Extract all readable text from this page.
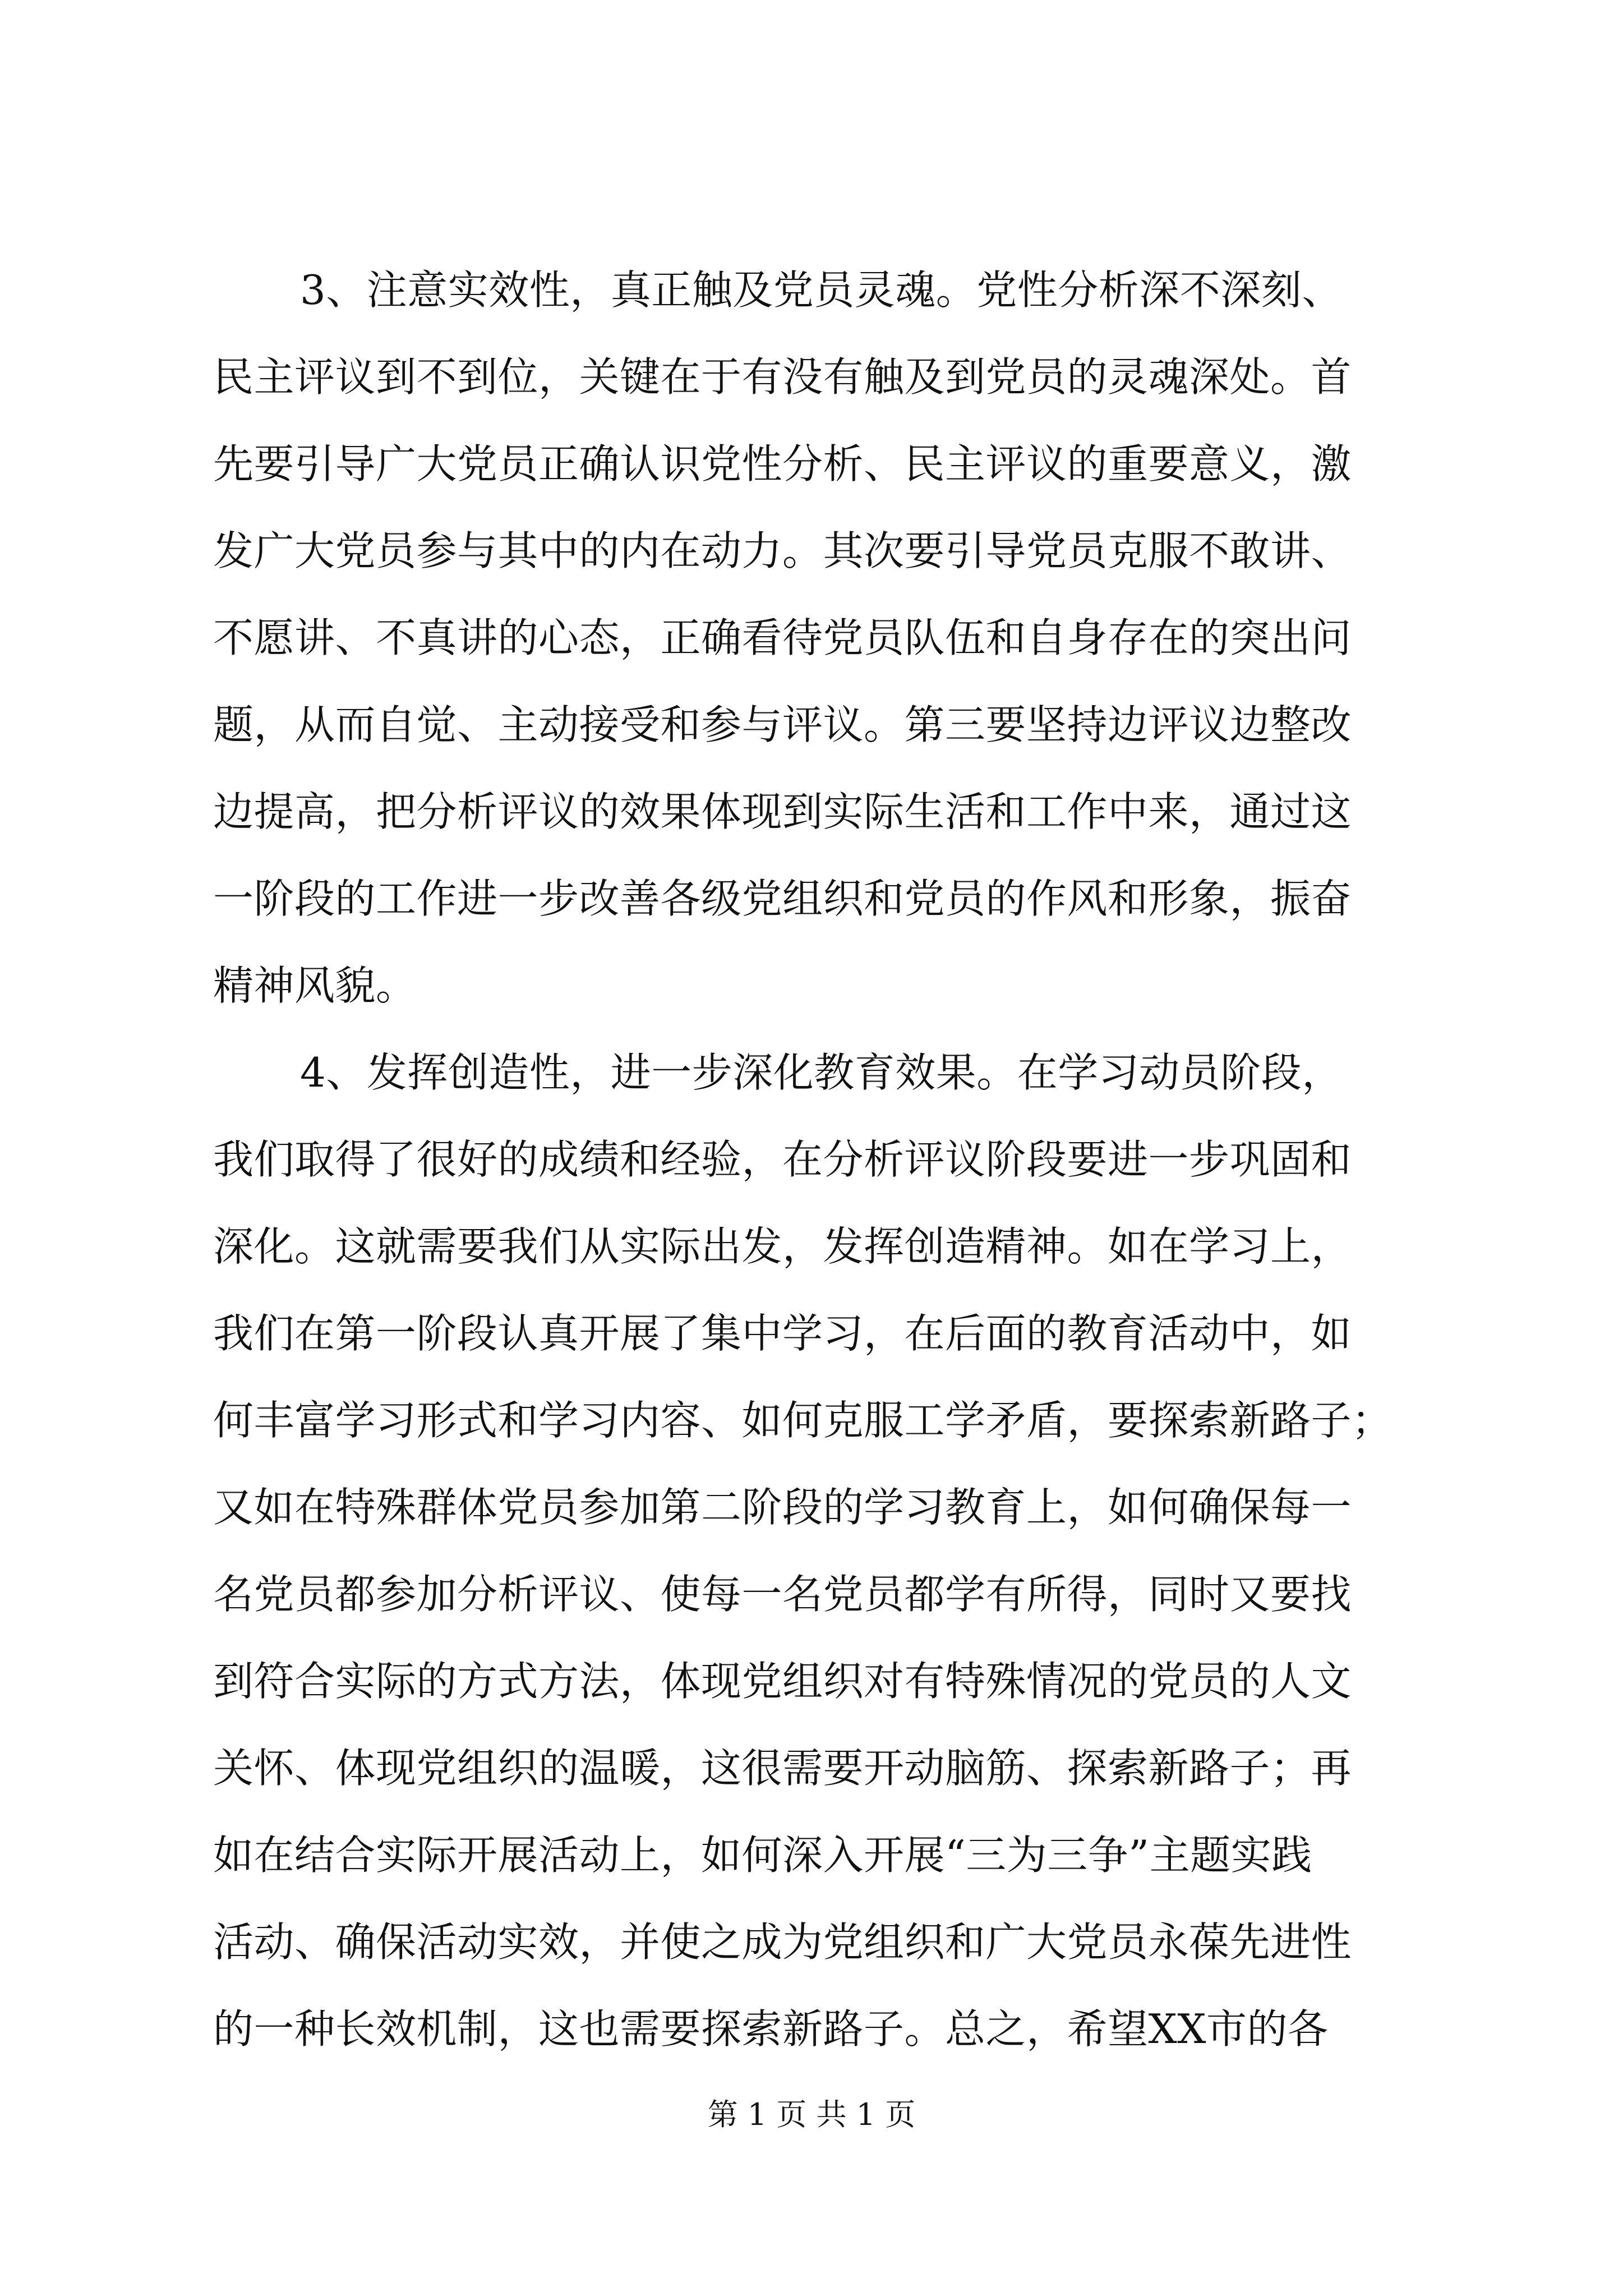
3、注意实效性，真正触及党员灵魂。党性分析深不深刻、
民主评议到不到位，关键在于有没有触及到党员的灵魂深处。首
先要引导广大党员正确认识党性分析、民主评议的重要意义，激
发广大党员参与其中的内在动力。其次要引导党员克服不敢讲、
不愿讲、不真讲的心态，正确看待党员队伍和自身存在的突出问
题，从而自觉、主动接受和参与评议。第三要坚持边评议边整改
边提高，把分析评议的效果体现到实际生活和工作中来，通过这
一阶段的工作进一步改善各级党组织和党员的作风和形象，振奋
精神风貌。
4、发挥创造性，进一步深化教育效果。在学习动员阶段，
我们取得了很好的成绩和经验，在分析评议阶段要进一步巩固和
深化。这就需要我们从实际出发，发挥创造精神。如在学习上，
我们在第一阶段认真开展了集中学习，在后面的教育活动中，如
何丰富学习形式和学习内容、如何克服工学矛盾，要探索新路子；
又如在特殊群体党员参加第二阶段的学习教育上，如何确保每一
名党员都参加分析评议、使每一名党员都学有所得，同时又要找
到符合实际的方式方法，体现党组织对有特殊情况的党员的人文
关怀、体现党组织的温暖，这很需要开动脑筋、探索新路子；再
如在结合实际开展活动上，如何深入开展“三为三争”主题实践
活动、确保活动实效，并使之成为党组织和广大党员永葆先进性
的一种长效机制，这也需要探索新路子。总之，希望XX市的各
第 1 页 共 1 页
